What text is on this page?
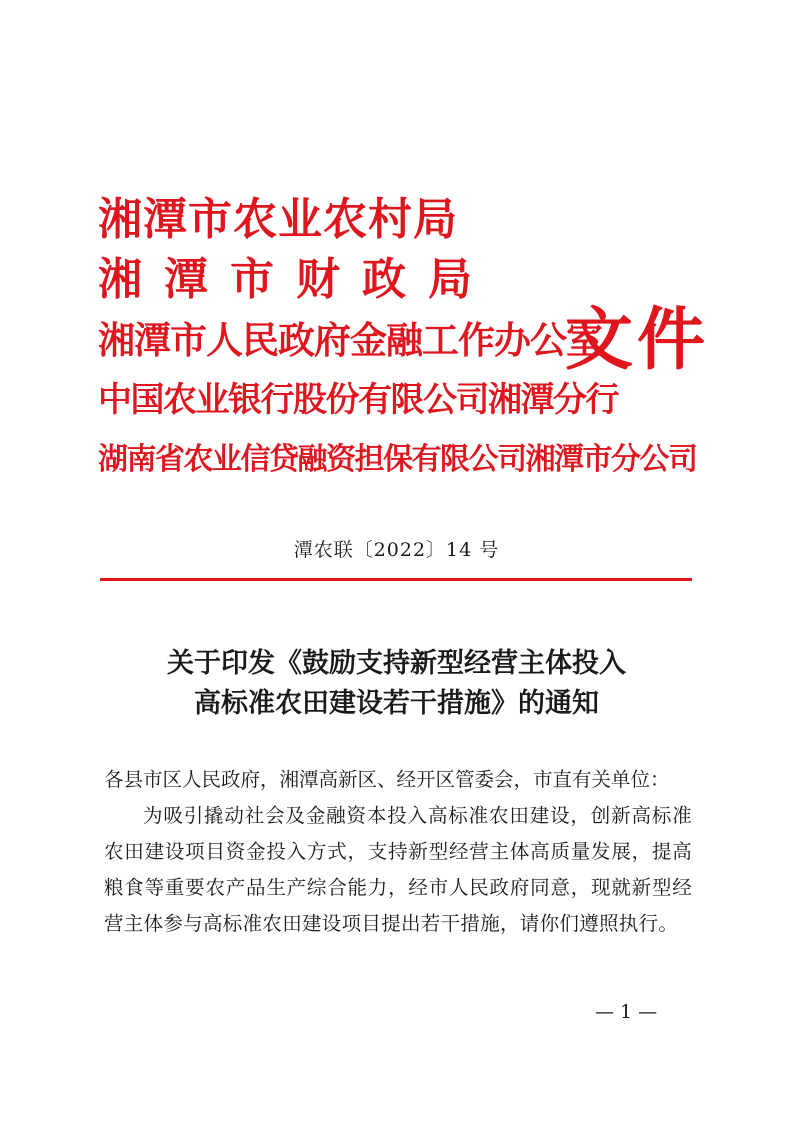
湘潭市农业农村局
湘潭市财政局
湘潭市人民政府金融工作办公室
中国农业银行股份有限公司湘潭分行
湖南省农业信贷融资担保有限公司湘潭市分公司
文件
潭农联〔2022〕14 号
关于印发《鼓励支持新型经营主体投入
高标准农田建设若干措施》的通知
各县市区人民政府，湘潭高新区、经开区管委会，市直有关单位：
为吸引撬动社会及金融资本投入高标准农田建设，创新高标准农田建设项目资金投入方式，支持新型经营主体高质量发展，提高粮食等重要农产品生产综合能力，经市人民政府同意，现就新型经营主体参与高标准农田建设项目提出若干措施，请你们遵照执行。
— 1 —
